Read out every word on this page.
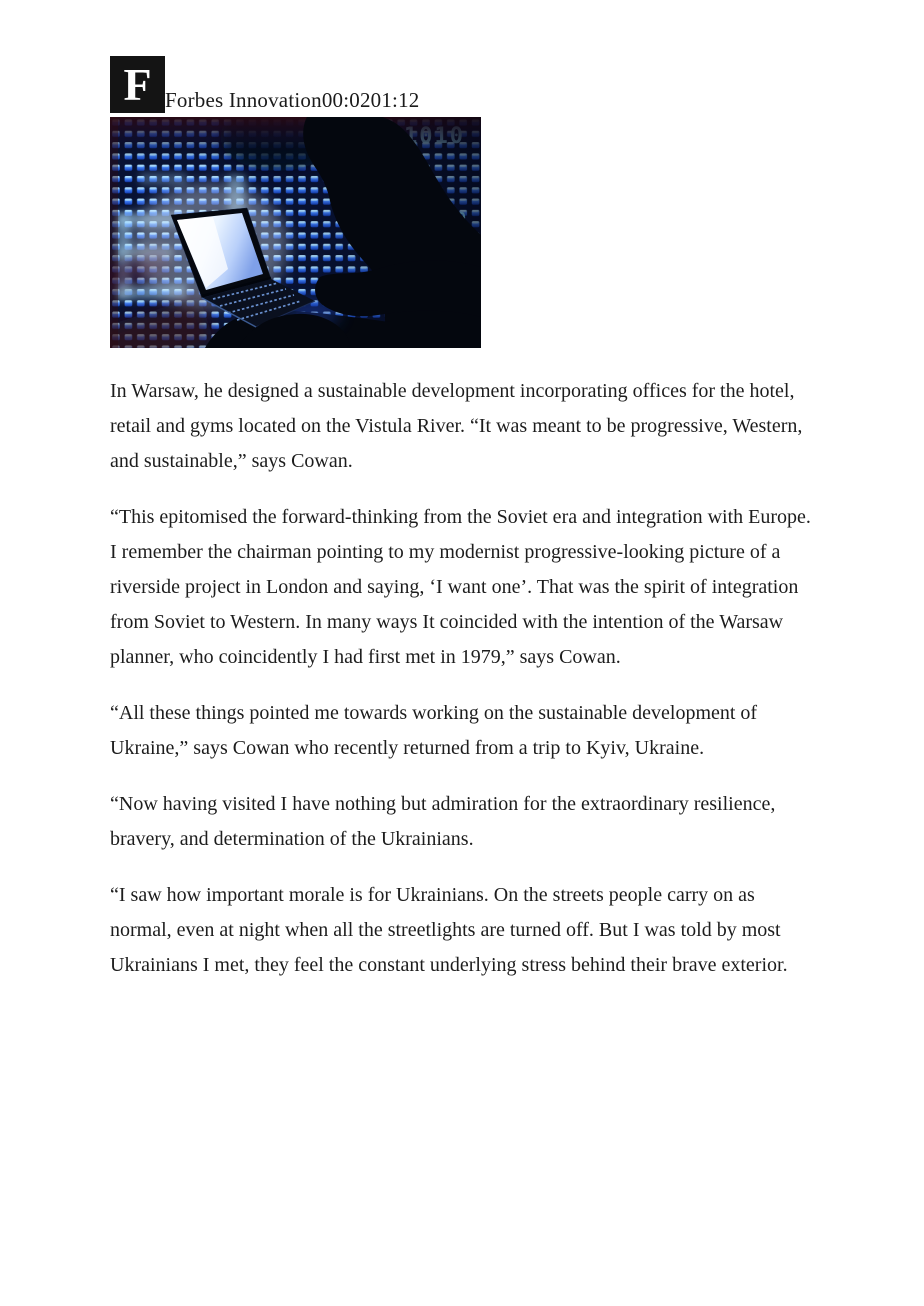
F Forbes Innovation00:0201:12

In Warsaw, he designed a sustainable development incorporating offices for the hotel, retail and gyms located on the Vistula River. “It was meant to be progressive, Western, and sustainable,” says Cowan.

“This epitomised the forward-thinking from the Soviet era and integration with Europe. I remember the chairman pointing to my modernist progressive-looking picture of a riverside project in London and saying, ‘I want one’. That was the spirit of integration from Soviet to Western. In many ways It coincided with the intention of the Warsaw planner, who coincidently I had first met in 1979,” says Cowan.

“All these things pointed me towards working on the sustainable development of Ukraine,” says Cowan who recently returned from a trip to Kyiv, Ukraine.

“Now having visited I have nothing but admiration for the extraordinary resilience, bravery, and determination of the Ukrainians.

“I saw how important morale is for Ukrainians. On the streets people carry on as normal, even at night when all the streetlights are turned off. But I was told by most Ukrainians I met, they feel the constant underlying stress behind their brave exterior.
